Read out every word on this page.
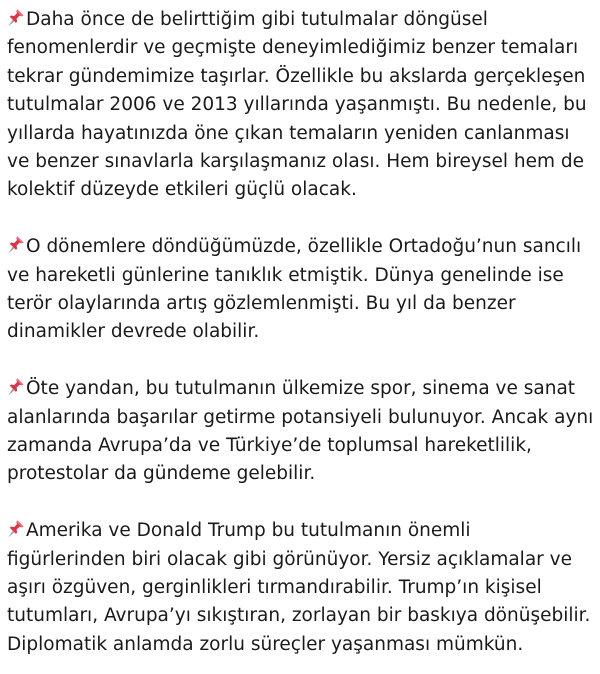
Daha önce de belirttiğim gibi tutulmalar döngüsel
fenomenlerdir ve geçmişte deneyimlediğimiz benzer temaları
tekrar gündemimize taşırlar. Özellikle bu akslarda gerçekleşen
tutulmalar 2006 ve 2013 yıllarında yaşanmıştı. Bu nedenle, bu
yıllarda hayatınızda öne çıkan temaların yeniden canlanması
ve benzer sınavlarla karşılaşmanız olası. Hem bireysel hem de
kolektif düzeyde etkileri güçlü olacak.

O dönemlere döndüğümüzde, özellikle Ortadoğu’nun sancılı
ve hareketli günlerine tanıklık etmiştik. Dünya genelinde ise
terör olaylarında artış gözlemlenmişti. Bu yıl da benzer
dinamikler devrede olabilir.

Öte yandan, bu tutulmanın ülkemize spor, sinema ve sanat
alanlarında başarılar getirme potansiyeli bulunuyor. Ancak aynı
zamanda Avrupa’da ve Türkiye’de toplumsal hareketlilik,
protestolar da gündeme gelebilir.

Amerika ve Donald Trump bu tutulmanın önemli
figürlerinden biri olacak gibi görünüyor. Yersiz açıklamalar ve
aşırı özgüven, gerginlikleri tırmandırabilir. Trump’ın kişisel
tutumları, Avrupa’yı sıkıştıran, zorlayan bir baskıya dönüşebilir.
Diplomatik anlamda zorlu süreçler yaşanması mümkün.
